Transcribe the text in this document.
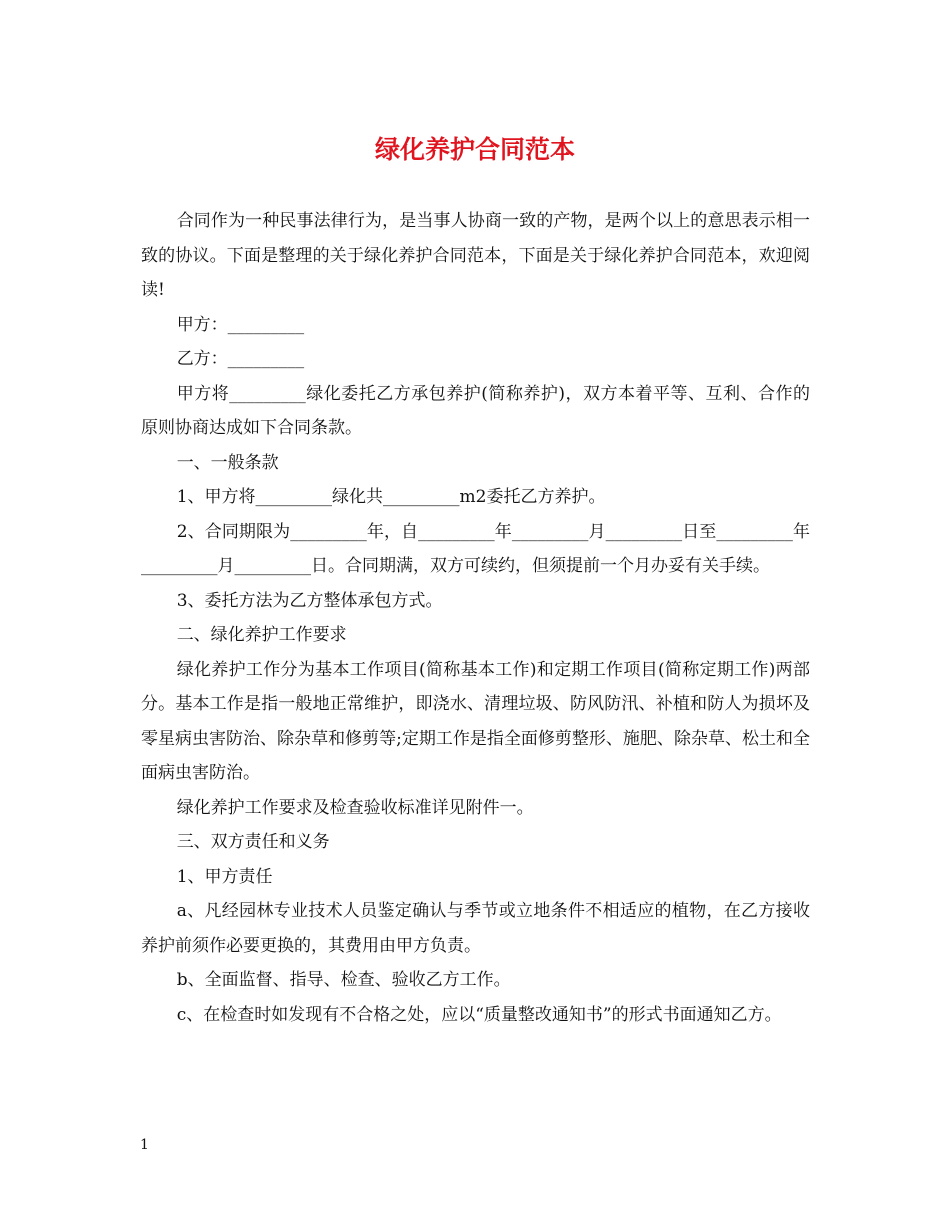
绿化养护合同范本

合同作为一种民事法律行为，是当事人协商一致的产物，是两个以上的意思表示相一致的协议。下面是整理的关于绿化养护合同范本，下面是关于绿化养护合同范本，欢迎阅读!

甲方：_________

乙方：_________

甲方将_________绿化委托乙方承包养护(简称养护)，双方本着平等、互利、合作的原则协商达成如下合同条款。

一、一般条款

1、甲方将_________绿化共_________m2委托乙方养护。

2、合同期限为_________年，自_________年_________月_________日至_________年_________月_________日。合同期满，双方可续约，但须提前一个月办妥有关手续。

3、委托方法为乙方整体承包方式。

二、绿化养护工作要求

绿化养护工作分为基本工作项目(简称基本工作)和定期工作项目(简称定期工作)两部分。基本工作是指一般地正常维护，即浇水、清理垃圾、防风防汛、补植和防人为损坏及零星病虫害防治、除杂草和修剪等;定期工作是指全面修剪整形、施肥、除杂草、松土和全面病虫害防治。

绿化养护工作要求及检查验收标准详见附件一。

三、双方责任和义务

1、甲方责任

a、凡经园林专业技术人员鉴定确认与季节或立地条件不相适应的植物，在乙方接收养护前须作必要更换的，其费用由甲方负责。

b、全面监督、指导、检查、验收乙方工作。

c、在检查时如发现有不合格之处，应以“质量整改通知书”的形式书面通知乙方。

1
